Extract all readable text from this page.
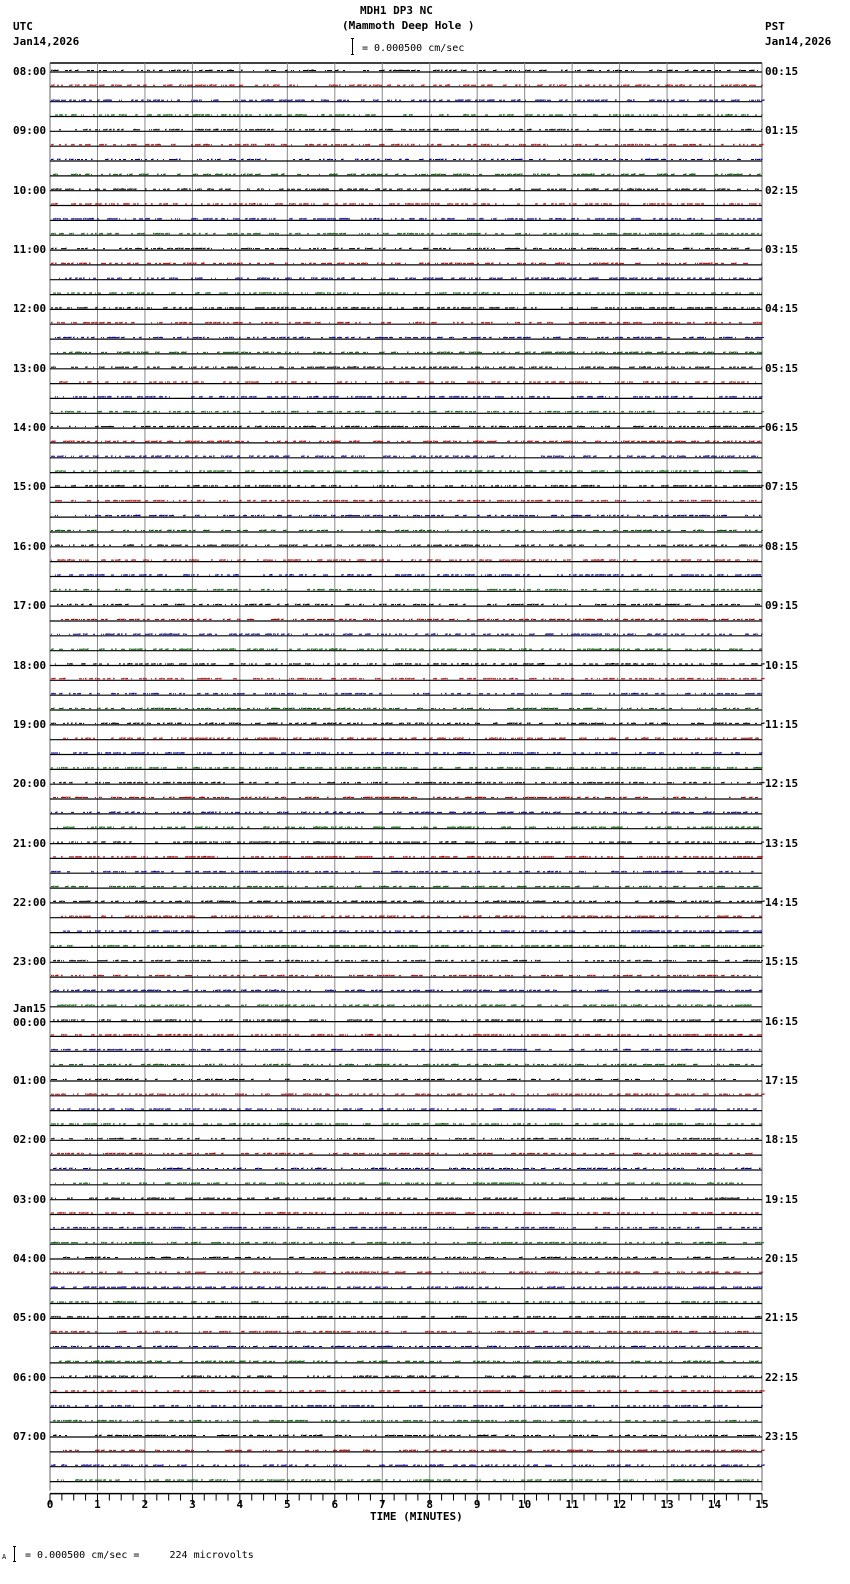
MDH1 DP3 NC
(Mammoth Deep Hole )
= 0.000500 cm/sec
UTC
Jan14,2026
PST
Jan14,2026
08:00
09:00
10:00
11:00
12:00
13:00
14:00
15:00
16:00
17:00
18:00
19:00
20:00
21:00
22:00
23:00
00:00
01:00
02:00
03:00
04:00
05:00
06:00
07:00
00:15
01:15
02:15
03:15
04:15
05:15
06:15
07:15
08:15
09:15
10:15
11:15
12:15
13:15
14:15
15:15
16:15
17:15
18:15
19:15
20:15
21:15
22:15
23:15
Jan15
0	1	2	3	4	5	6	7	8	9	10	11	12	13	14	15
TIME (MINUTES)
A = 0.000500 cm/sec =     224 microvolts
